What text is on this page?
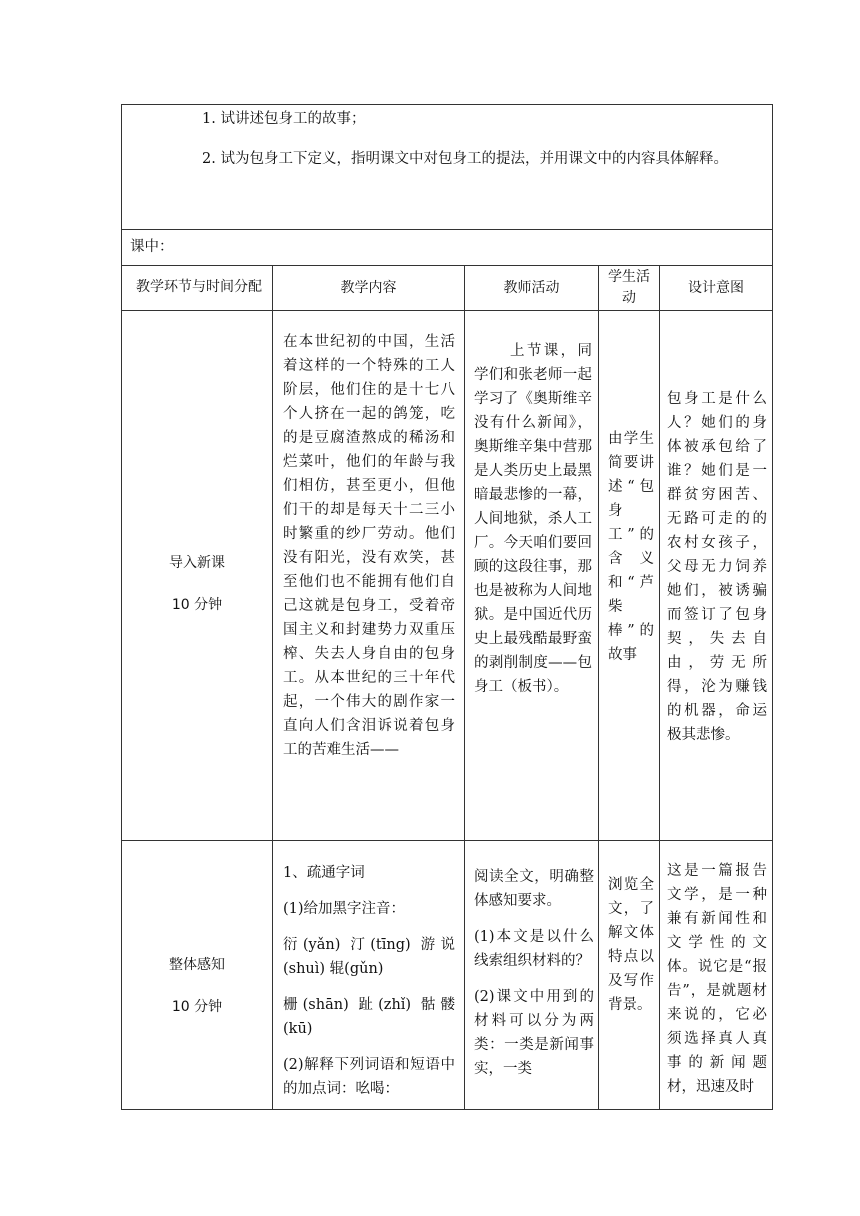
1. 试讲述包身工的故事；

2. 试为包身工下定义，指明课文中对包身工的提法，并用课文中的内容具体解释。

课中：
教学环节与时间分配	教学内容	教师活动
学生活动
设计意图
导入新课
10 分钟
在本世纪初的中国，生活着这样的一个特殊的工人阶层，他们住的是十七八个人挤在一起的鸽笼，吃的是豆腐渣熬成的稀汤和烂菜叶，他们的年龄与我们相仿，甚至更小，但他们干的却是每天十二三小时繁重的纱厂劳动。他们没有阳光，没有欢笑，甚至他们也不能拥有他们自己这就是包身工，受着帝国主义和封建势力双重压榨、失去人身自由的包身工。从本世纪的三十年代起，一个伟大的剧作家一直向人们含泪诉说着包身工的苦难生活——
上节课，同学们和张老师一起学习了《奥斯维辛没有什么新闻》，奥斯维辛集中营那是人类历史上最黑暗最悲惨的一幕，人间地狱，杀人工厂。今天咱们要回顾的这段往事，那也是被称为人间地狱。是中国近代历史上最残酷最野蛮的剥削制度——包身工（板书）。
由学生简要讲述“包身工”的含义和“芦柴棒”的故事
包身工是什么人？她们的身体被承包给了谁？她们是一群贫穷困苦、无路可走的的农村女孩子，父母无力饲养她们，被诱骗而签订了包身契，失去自由，劳无所得，沦为赚钱的机器，命运极其悲惨。
整体感知
10 分钟

1、疏通字词

(1)给加黑字注音：

衍(yǎn) 汀(tīng) 游说(shuì) 辊(gǔn)

栅(shān) 趾(zhǐ) 骷髅(kū)

(2)解释下列词语和短语中的加点词：吆喝：

阅读全文，明确整体感知要求。

(1)本文是以什么线索组织材料的？

(2)课文中用到的材料可以分为两类：一类是新闻事实，一类

浏览全文，了解文体特点以及写作背景。
这是一篇报告文学，是一种兼有新闻性和文学性的文体。说它是“报告”，是就题材来说的，它必须选择真人真事的新闻题材，迅速及时
